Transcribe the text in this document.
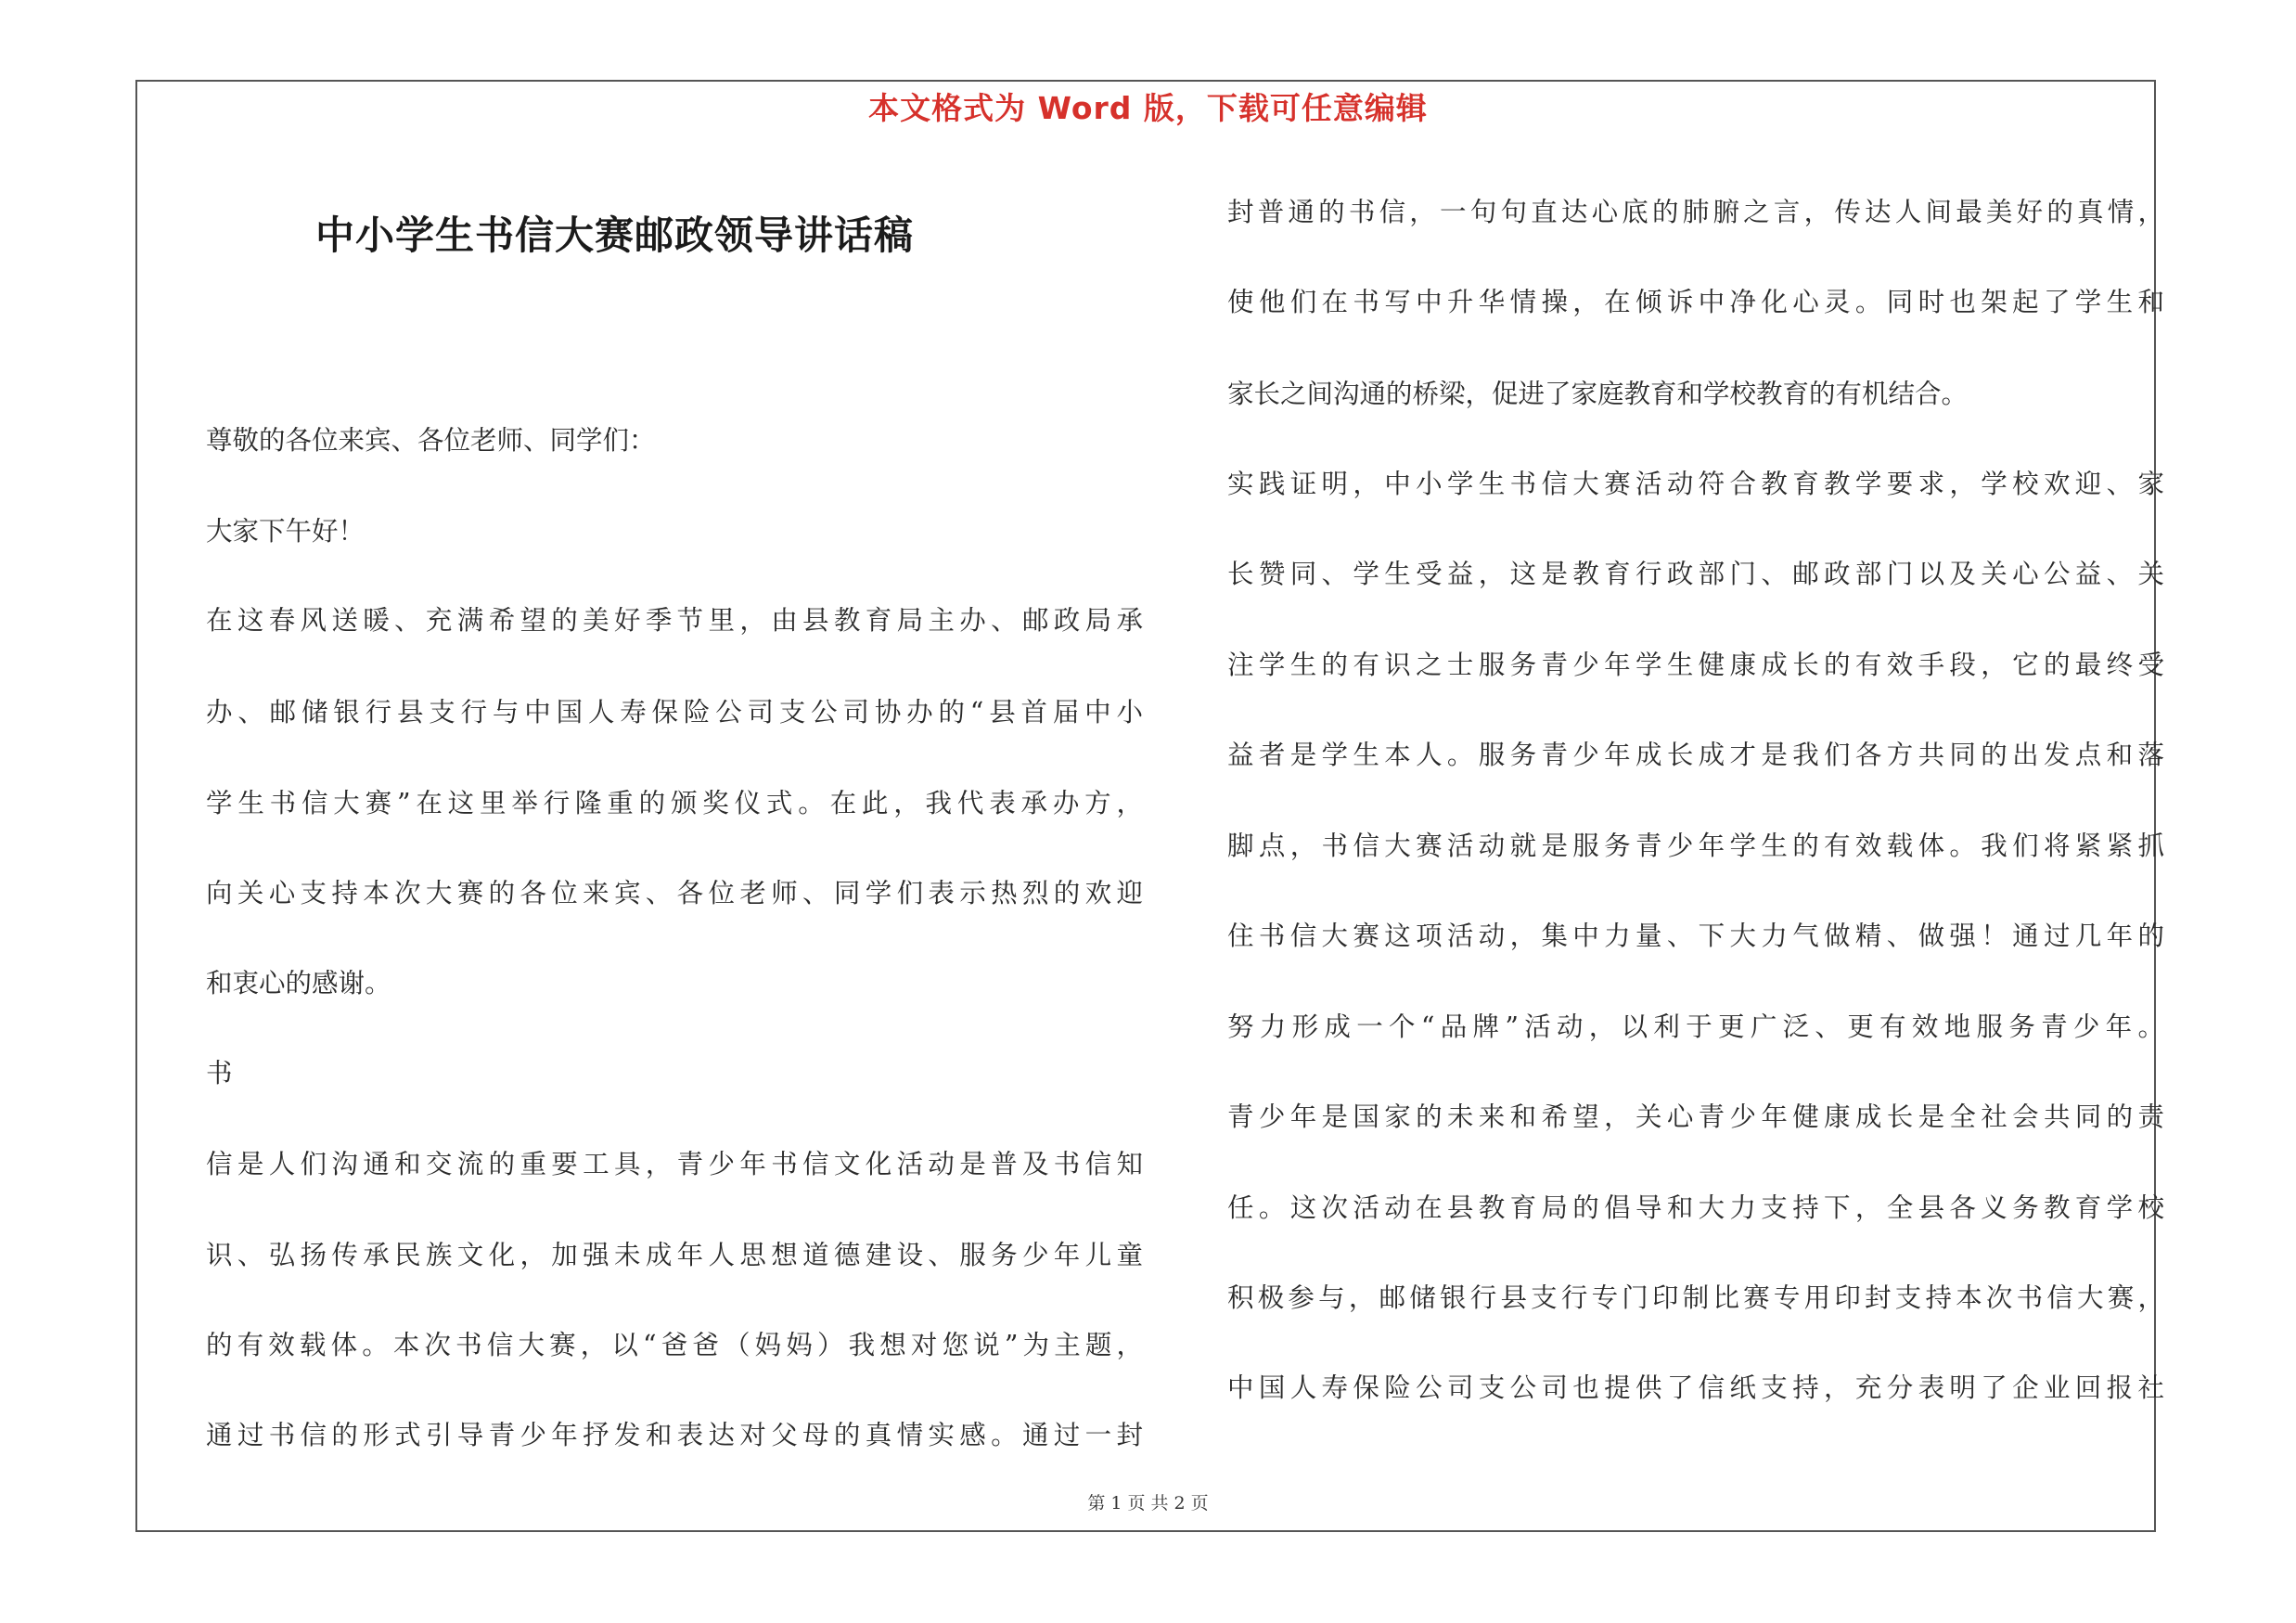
本文格式为 Word 版，下载可任意编辑
中小学生书信大赛邮政领导讲话稿
尊敬的各位来宾、各位老师、同学们：
大家下午好！
在这春风送暖、充满希望的美好季节里，由县教育局主办、邮政局承
办、邮储银行县支行与中国人寿保险公司支公司协办的“县首届中小
学生书信大赛”在这里举行隆重的颁奖仪式。在此，我代表承办方，
向关心支持本次大赛的各位来宾、各位老师、同学们表示热烈的欢迎
和衷心的感谢。
书
信是人们沟通和交流的重要工具，青少年书信文化活动是普及书信知
识、弘扬传承民族文化，加强未成年人思想道德建设、服务少年儿童
的有效载体。本次书信大赛，以“爸爸（妈妈）我想对您说”为主题，
通过书信的形式引导青少年抒发和表达对父母的真情实感。通过一封
封普通的书信，一句句直达心底的肺腑之言，传达人间最美好的真情，
使他们在书写中升华情操，在倾诉中净化心灵。同时也架起了学生和
家长之间沟通的桥梁，促进了家庭教育和学校教育的有机结合。
实践证明，中小学生书信大赛活动符合教育教学要求，学校欢迎、家
长赞同、学生受益，这是教育行政部门、邮政部门以及关心公益、关
注学生的有识之士服务青少年学生健康成长的有效手段，它的最终受
益者是学生本人。服务青少年成长成才是我们各方共同的出发点和落
脚点，书信大赛活动就是服务青少年学生的有效载体。我们将紧紧抓
住书信大赛这项活动，集中力量、下大力气做精、做强！通过几年的
努力形成一个“品牌”活动，以利于更广泛、更有效地服务青少年。
青少年是国家的未来和希望，关心青少年健康成长是全社会共同的责
任。这次活动在县教育局的倡导和大力支持下，全县各义务教育学校
积极参与，邮储银行县支行专门印制比赛专用印封支持本次书信大赛，
中国人寿保险公司支公司也提供了信纸支持，充分表明了企业回报社
第 1 页 共 2 页
